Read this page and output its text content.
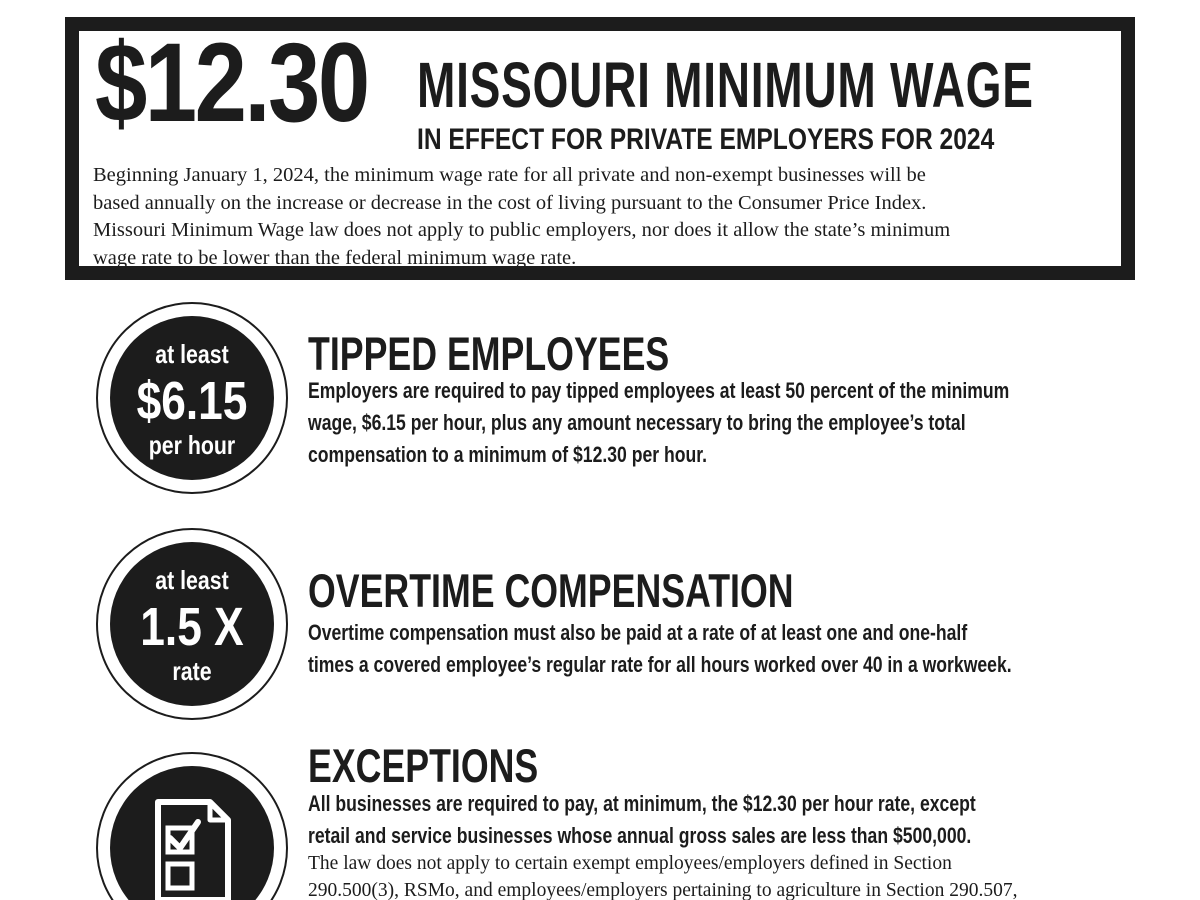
$12.30 MISSOURI MINIMUM WAGE
IN EFFECT FOR PRIVATE EMPLOYERS FOR 2024
Beginning January 1, 2024, the minimum wage rate for all private and non-exempt businesses will be
based annually on the increase or decrease in the cost of living pursuant to the Consumer Price Index.
Missouri Minimum Wage law does not apply to public employers, nor does it allow the state’s minimum
wage rate to be lower than the federal minimum wage rate.
at least
$6.15
per hour
TIPPED EMPLOYEES
Employers are required to pay tipped employees at least 50 percent of the minimum
wage, $6.15 per hour, plus any amount necessary to bring the employee’s total
compensation to a minimum of $12.30 per hour.
at least
1.5 X
rate
OVERTIME COMPENSATION
Overtime compensation must also be paid at a rate of at least one and one-half
times a covered employee’s regular rate for all hours worked over 40 in a workweek.
EXCEPTIONS
All businesses are required to pay, at minimum, the $12.30 per hour rate, except
retail and service businesses whose annual gross sales are less than $500,000.
The law does not apply to certain exempt employees/employers defined in Section
290.500(3), RSMo, and employees/employers pertaining to agriculture in Section 290.507,
